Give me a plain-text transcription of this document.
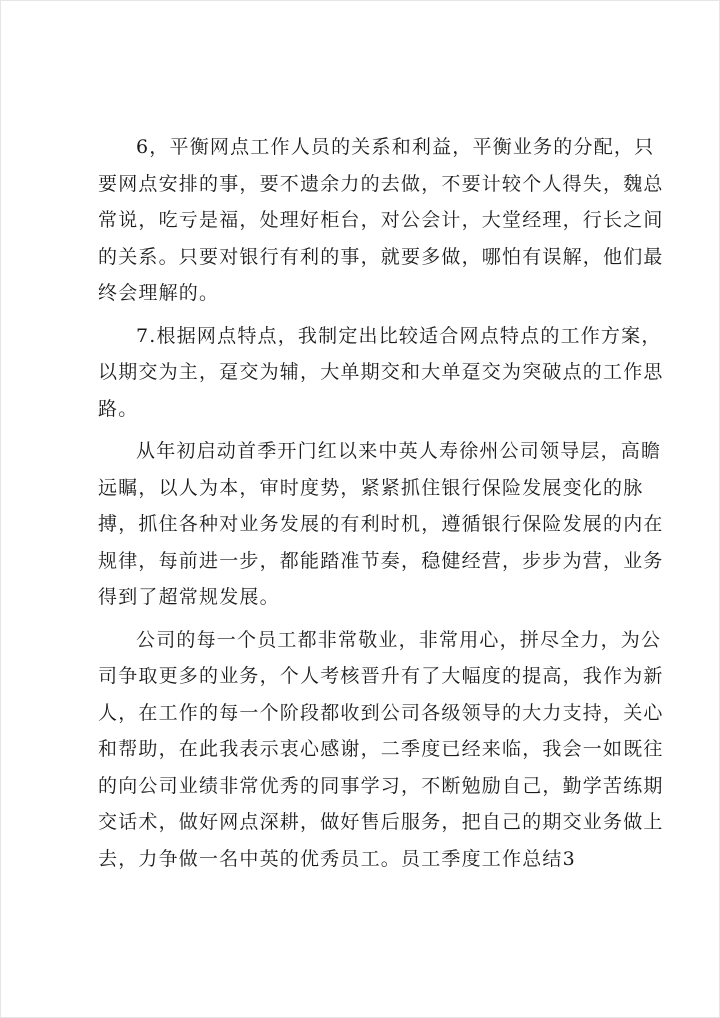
6，平衡网点工作人员的关系和利益，平衡业务的分配，只
要网点安排的事，要不遗余力的去做，不要计较个人得失，魏总
常说，吃亏是福，处理好柜台，对公会计，大堂经理，行长之间
的关系。只要对银行有利的事，就要多做，哪怕有误解，他们最
终会理解的。
7.根据网点特点，我制定出比较适合网点特点的工作方案，
以期交为主，趸交为辅，大单期交和大单趸交为突破点的工作思
路。
从年初启动首季开门红以来中英人寿徐州公司领导层，高瞻
远瞩，以人为本，审时度势，紧紧抓住银行保险发展变化的脉
搏，抓住各种对业务发展的有利时机，遵循银行保险发展的内在
规律，每前进一步，都能踏准节奏，稳健经营，步步为营，业务
得到了超常规发展。
公司的每一个员工都非常敬业，非常用心，拼尽全力，为公
司争取更多的业务，个人考核晋升有了大幅度的提高，我作为新
人，在工作的每一个阶段都收到公司各级领导的大力支持，关心
和帮助，在此我表示衷心感谢，二季度已经来临，我会一如既往
的向公司业绩非常优秀的同事学习，不断勉励自己，勤学苦练期
交话术，做好网点深耕，做好售后服务，把自己的期交业务做上
去，力争做一名中英的优秀员工。员工季度工作总结3
